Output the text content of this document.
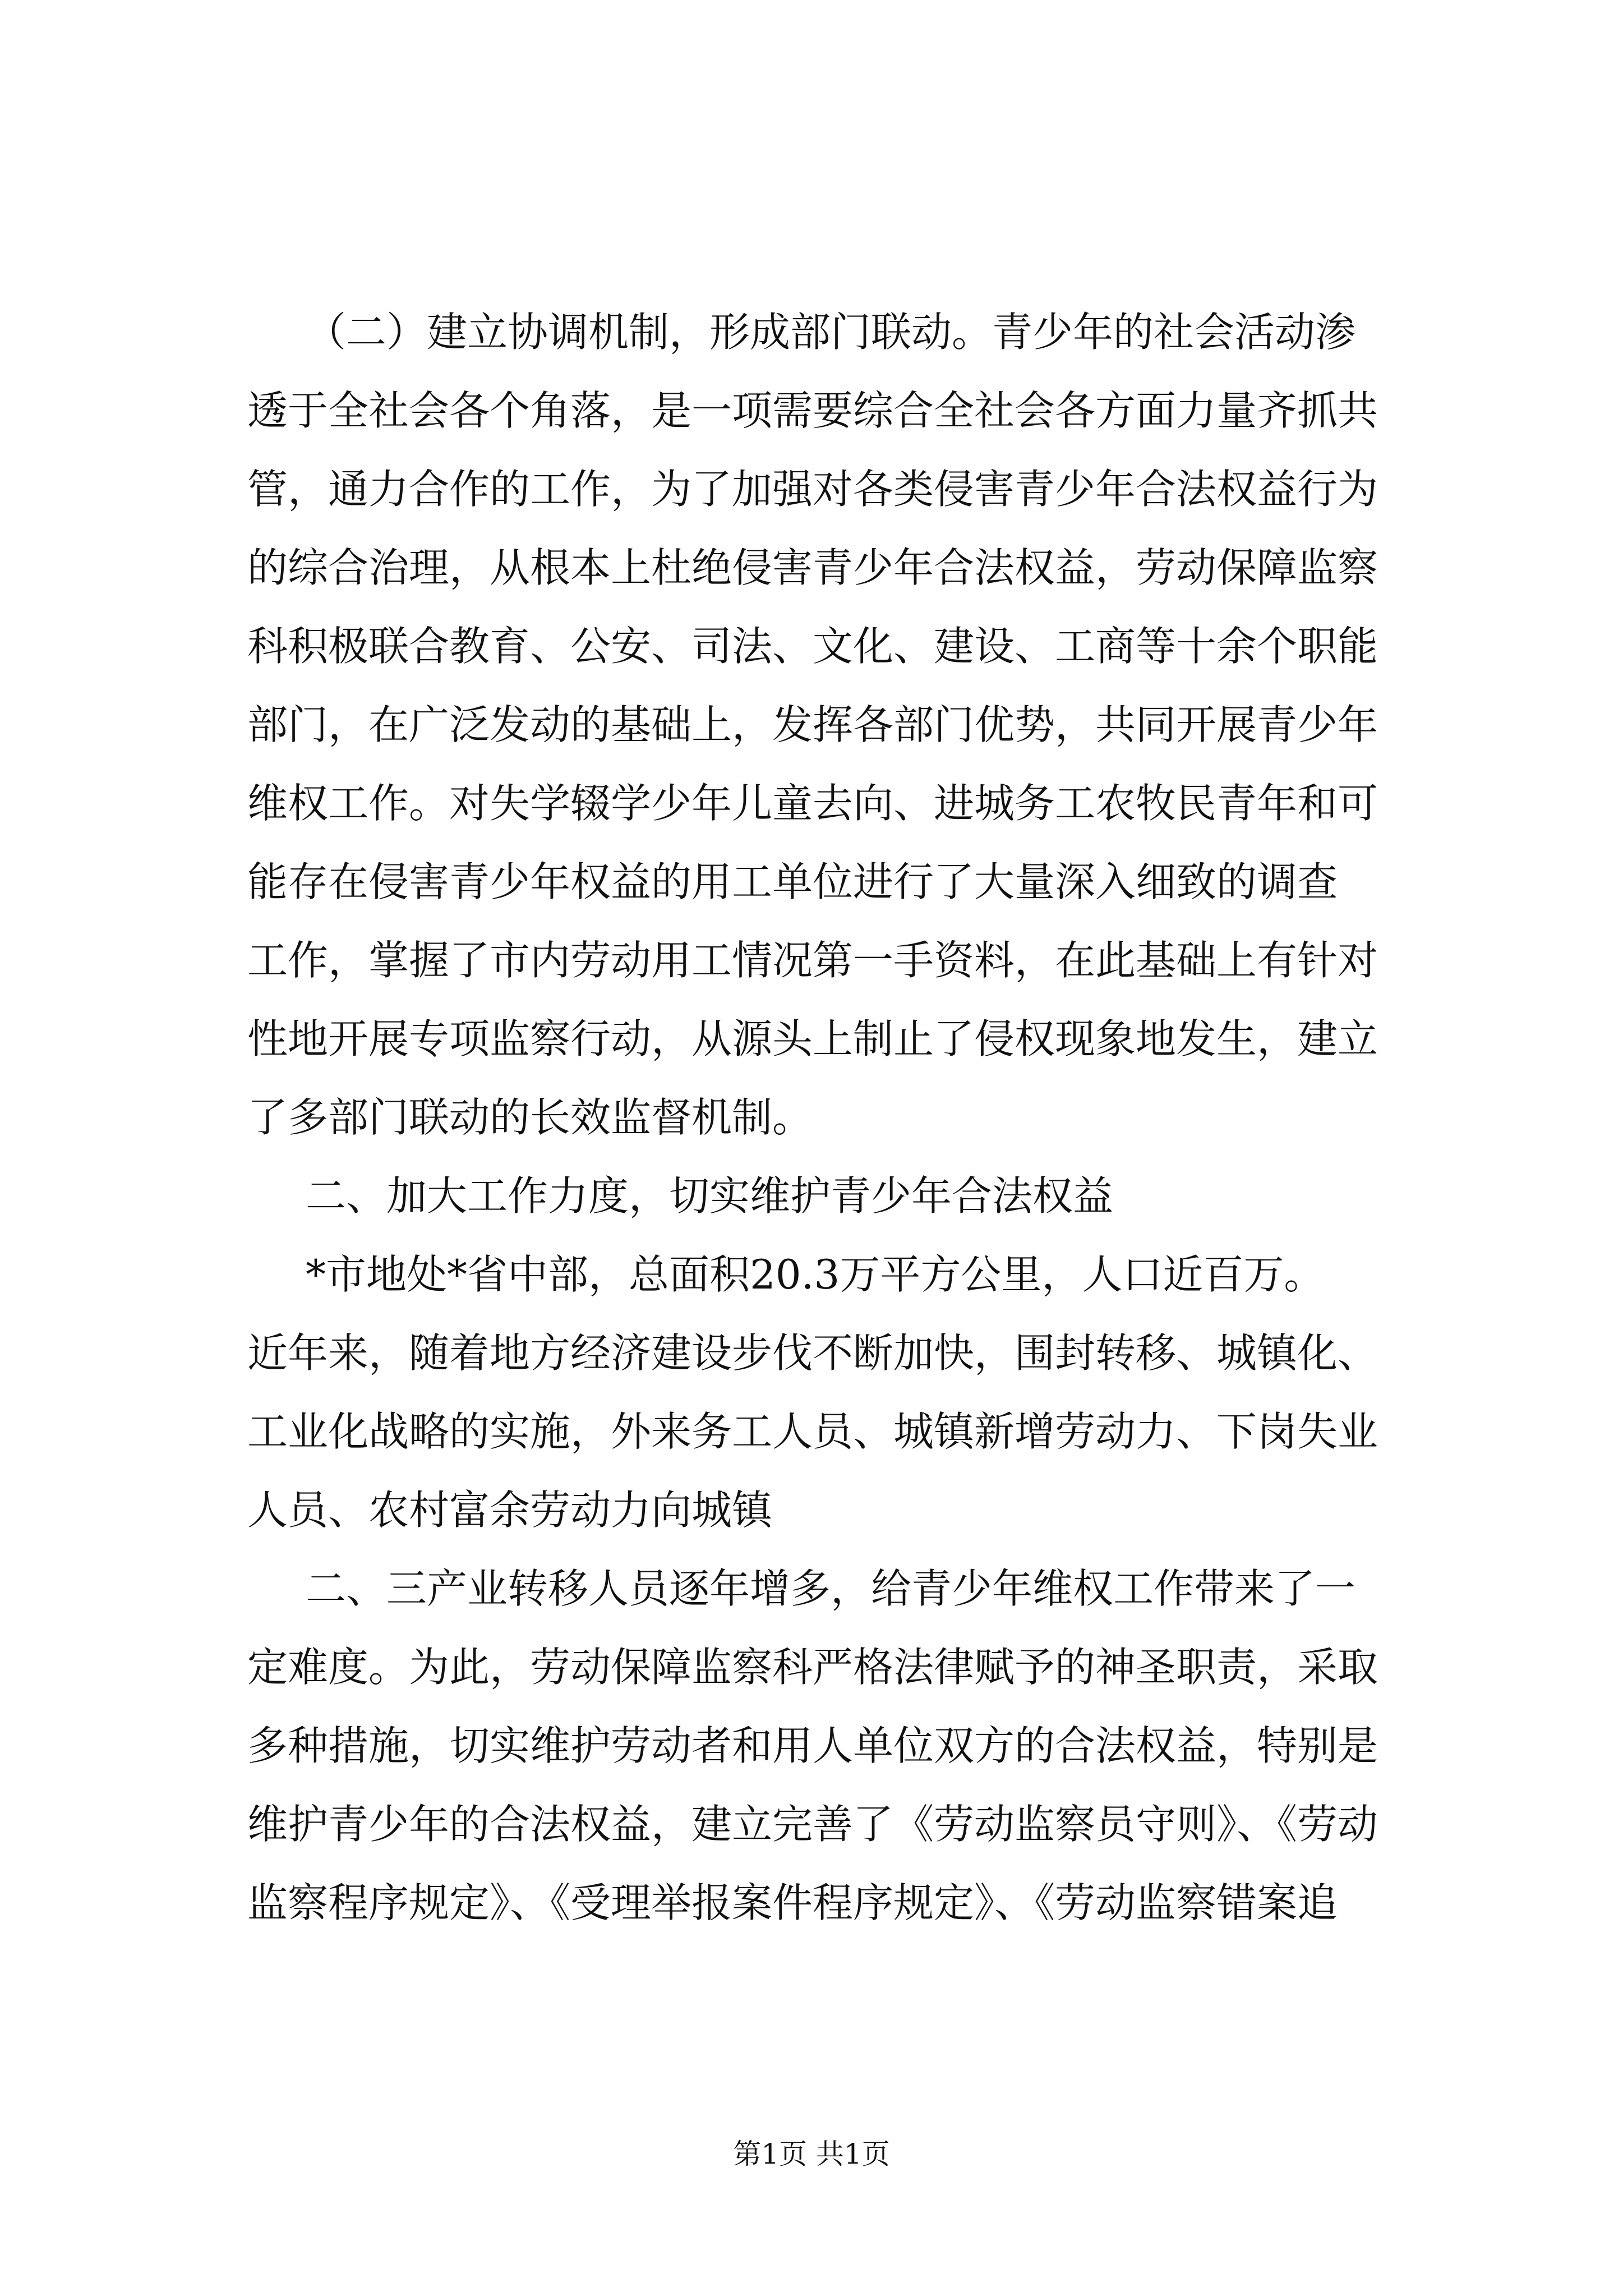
（二）建立协调机制，形成部门联动。青少年的社会活动渗

透于全社会各个角落，是一项需要综合全社会各方面力量齐抓共

管，通力合作的工作，为了加强对各类侵害青少年合法权益行为

的综合治理，从根本上杜绝侵害青少年合法权益，劳动保障监察

科积极联合教育、公安、司法、文化、建设、工商等十余个职能

部门，在广泛发动的基础上，发挥各部门优势，共同开展青少年

维权工作。对失学辍学少年儿童去向、进城务工农牧民青年和可

能存在侵害青少年权益的用工单位进行了大量深入细致的调查

工作，掌握了市内劳动用工情况第一手资料，在此基础上有针对

性地开展专项监察行动，从源头上制止了侵权现象地发生，建立

了多部门联动的长效监督机制。

二、加大工作力度，切实维护青少年合法权益

*市地处*省中部，总面积20.3万平方公里，人口近百万。

近年来，随着地方经济建设步伐不断加快，围封转移、城镇化、

工业化战略的实施，外来务工人员、城镇新增劳动力、下岗失业

人员、农村富余劳动力向城镇

二、三产业转移人员逐年增多，给青少年维权工作带来了一

定难度。为此，劳动保障监察科严格法律赋予的神圣职责，采取

多种措施，切实维护劳动者和用人单位双方的合法权益，特别是

维护青少年的合法权益，建立完善了《劳动监察员守则》、《劳动

监察程序规定》、《受理举报案件程序规定》、《劳动监察错案追

第1页 共1页
